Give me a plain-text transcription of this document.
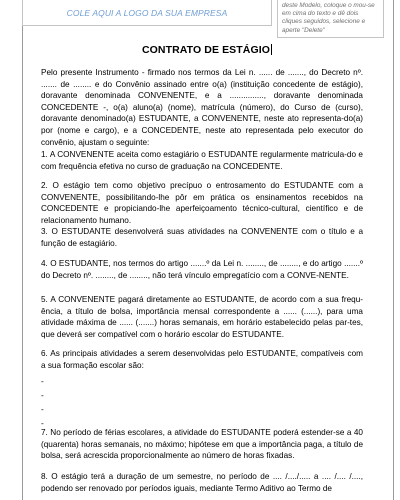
COLE AQUI A LOGO DA SUA EMPRESA
deste Modelo, coloque o mou-se em cima do texto e dê dois cliques seguidos, selecione e aperte "Delete"
CONTRATO DE ESTÁGIO

Pelo presente Instrumento - firmado nos termos da Lei n. ...... de ......., do Decreto nº. ....... de ........ e do Convênio assinado entre o(a) (instituição concedente de estágio), doravante denominada CONVENENTE, e a ..............., doravante denominada CONCEDENTE -, o(a) aluno(a) (nome), matrícula (número), do Curso de (curso), doravante denominado(a) ESTUDANTE, a CONVENENTE, neste ato representa-do(a) por (nome e cargo), e a CONCEDENTE, neste ato representada pelo executor do convênio, ajustam o seguinte:

1. A CONVENENTE aceita como estagiário o ESTUDANTE regularmente matricula-do e com frequência efetiva no curso de graduação na CONCEDENTE.

2. O estágio tem como objetivo precípuo o entrosamento do ESTUDANTE com a CONVENENTE, possibilitando-lhe pôr em prática os ensinamentos recebidos na CONCEDENTE e propiciando-lhe aperfeiçoamento técnico-cultural, científico e de relacionamento humano.

3. O ESTUDANTE desenvolverá suas atividades na CONVENENTE com o título e a função de estagiário.

4. O ESTUDANTE, nos termos do artigo .......º da Lei n. ........, de ........, e do artigo .......º do Decreto nº. ........, de ........, não terá vínculo empregatício com a CONVE-NENTE.

5. A CONVENENTE pagará diretamente ao ESTUDANTE, de acordo com a sua frequ-ência, a título de bolsa, importância mensal correspondente a ...... (......), para uma atividade máxima de ...... (.......) horas semanais, em horário estabelecido pelas par-tes, que deverá ser compatível com o horário escolar do ESTUDANTE.

6. As principais atividades a serem desenvolvidas pelo ESTUDANTE, compatíveis com a sua formação escolar são:

-
-
-
-

7. No período de férias escolares, a atividade do ESTUDANTE poderá estender-se a 40 (quarenta) horas semanais, no máximo; hipótese em que a importância paga, a título de bolsa, será acrescida proporcionalmente ao número de horas fixadas.

8. O estágio terá a duração de um semestre, no período de .... /..../..... a .... /.... /...., podendo ser renovado por períodos iguais, mediante Termo Aditivo ao Termo de
